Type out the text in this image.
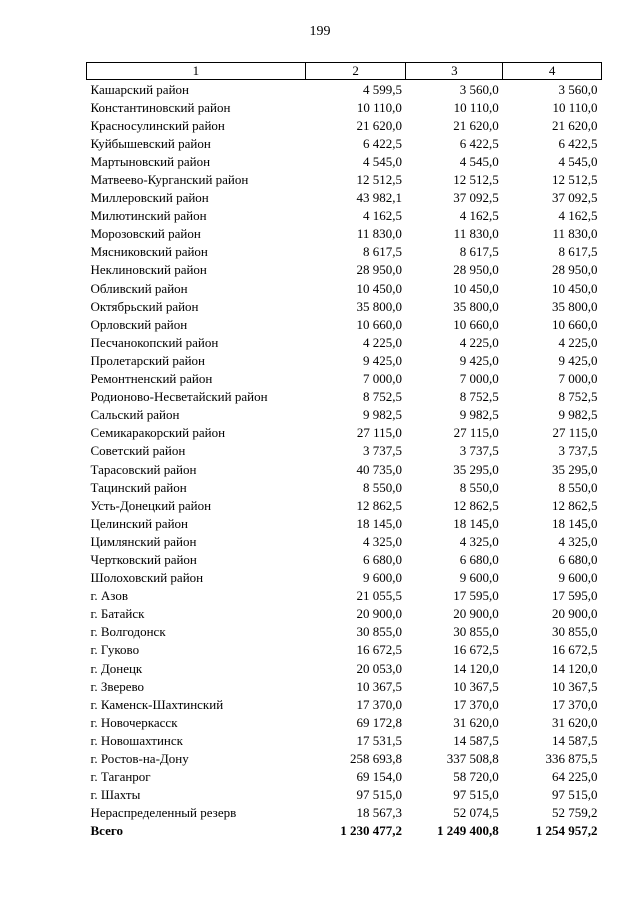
199
1	2	3	4
Кашарский район	4 599,5	3 560,0	3 560,0
Константиновский район	10 110,0	10 110,0	10 110,0
Красносулинский район	21 620,0	21 620,0	21 620,0
Куйбышевский район	6 422,5	6 422,5	6 422,5
Мартыновский район	4 545,0	4 545,0	4 545,0
Матвеево-Курганский район	12 512,5	12 512,5	12 512,5
Миллеровский район	43 982,1	37 092,5	37 092,5
Милютинский район	4 162,5	4 162,5	4 162,5
Морозовский район	11 830,0	11 830,0	11 830,0
Мясниковский район	8 617,5	8 617,5	8 617,5
Неклиновский район	28 950,0	28 950,0	28 950,0
Обливский район	10 450,0	10 450,0	10 450,0
Октябрьский район	35 800,0	35 800,0	35 800,0
Орловский район	10 660,0	10 660,0	10 660,0
Песчанокопский район	4 225,0	4 225,0	4 225,0
Пролетарский район	9 425,0	9 425,0	9 425,0
Ремонтненский район	7 000,0	7 000,0	7 000,0
Родионово-Несветайский район	8 752,5	8 752,5	8 752,5
Сальский район	9 982,5	9 982,5	9 982,5
Семикаракорский район	27 115,0	27 115,0	27 115,0
Советский район	3 737,5	3 737,5	3 737,5
Тарасовский район	40 735,0	35 295,0	35 295,0
Тацинский район	8 550,0	8 550,0	8 550,0
Усть-Донецкий район	12 862,5	12 862,5	12 862,5
Целинский район	18 145,0	18 145,0	18 145,0
Цимлянский район	4 325,0	4 325,0	4 325,0
Чертковский район	6 680,0	6 680,0	6 680,0
Шолоховский район	9 600,0	9 600,0	9 600,0
г. Азов	21 055,5	17 595,0	17 595,0
г. Батайск	20 900,0	20 900,0	20 900,0
г. Волгодонск	30 855,0	30 855,0	30 855,0
г. Гуково	16 672,5	16 672,5	16 672,5
г. Донецк	20 053,0	14 120,0	14 120,0
г. Зверево	10 367,5	10 367,5	10 367,5
г. Каменск-Шахтинский	17 370,0	17 370,0	17 370,0
г. Новочеркасск	69 172,8	31 620,0	31 620,0
г. Новошахтинск	17 531,5	14 587,5	14 587,5
г. Ростов-на-Дону	258 693,8	337 508,8	336 875,5
г. Таганрог	69 154,0	58 720,0	64 225,0
г. Шахты	97 515,0	97 515,0	97 515,0
Нераспределенный резерв	18 567,3	52 074,5	52 759,2
Всего	1 230 477,2	1 249 400,8	1 254 957,2
